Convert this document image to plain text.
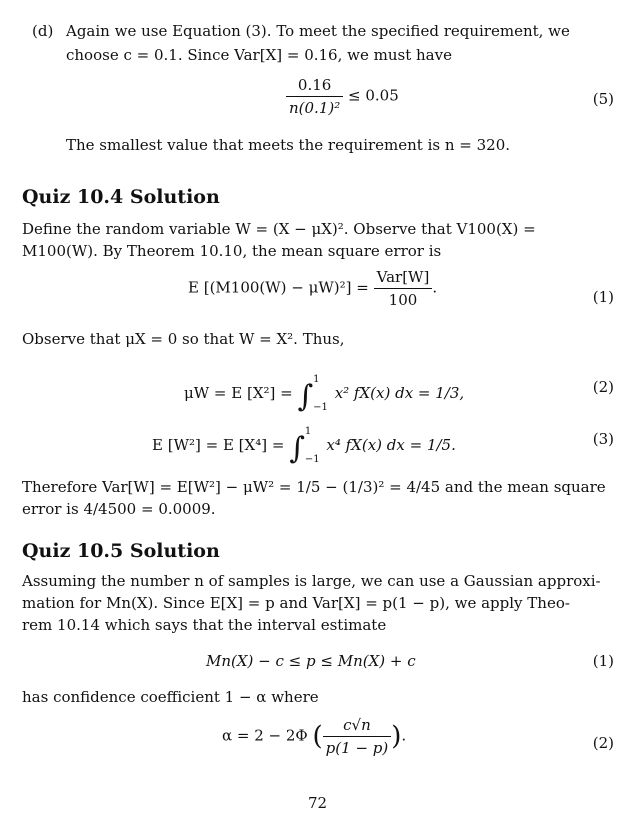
(d) Again we use Equation (3). To meet the specified requirement, we
choose c = 0.1. Since Var[X] = 0.16, we must have
$\frac{0.16}{\text{n(0.1)²}} \le 0.05$	(5)
The smallest value that meets the requirement is n = 320.
Quiz 10.4 Solution
Define the random variable W = (X − μX)². Observe that V100(X) =
M100(W). By Theorem 10.10, the mean square error is
E $[(M100(W) - \mu W)^2] = \frac{\text{Var[W]}}{100}$ .
(1)
Observe that μX = 0 so that W = X². Thus,
μW = E [X²] = ∫1
−1 x² fX(x) dx = 1/3,	(2)
E [W²] = E [X⁴] = ∫1
−1 x⁴ fX(x) dx = 1/5.	(3)
Therefore Var[W] = E[W²] − μW² = 1/5 − (1/3)² = 4/45 and the mean square
error is 4/4500 = 0.0009.
Quiz 10.5 Solution
Assuming the number n of samples is large, we can use a Gaussian approxi-
mation for Mn(X). Since E[X] = p and Var[X] = p(1 − p), we apply Theo-
rem 10.14 which says that the interval estimate
Mn(X) − c ≤ p ≤ Mn(X) + c	(1)
has confidence coefficient 1 − α where
α = 2 − 2Φ ( $\frac{c√n}{p(1 - p)}$ ).	(2)
72
